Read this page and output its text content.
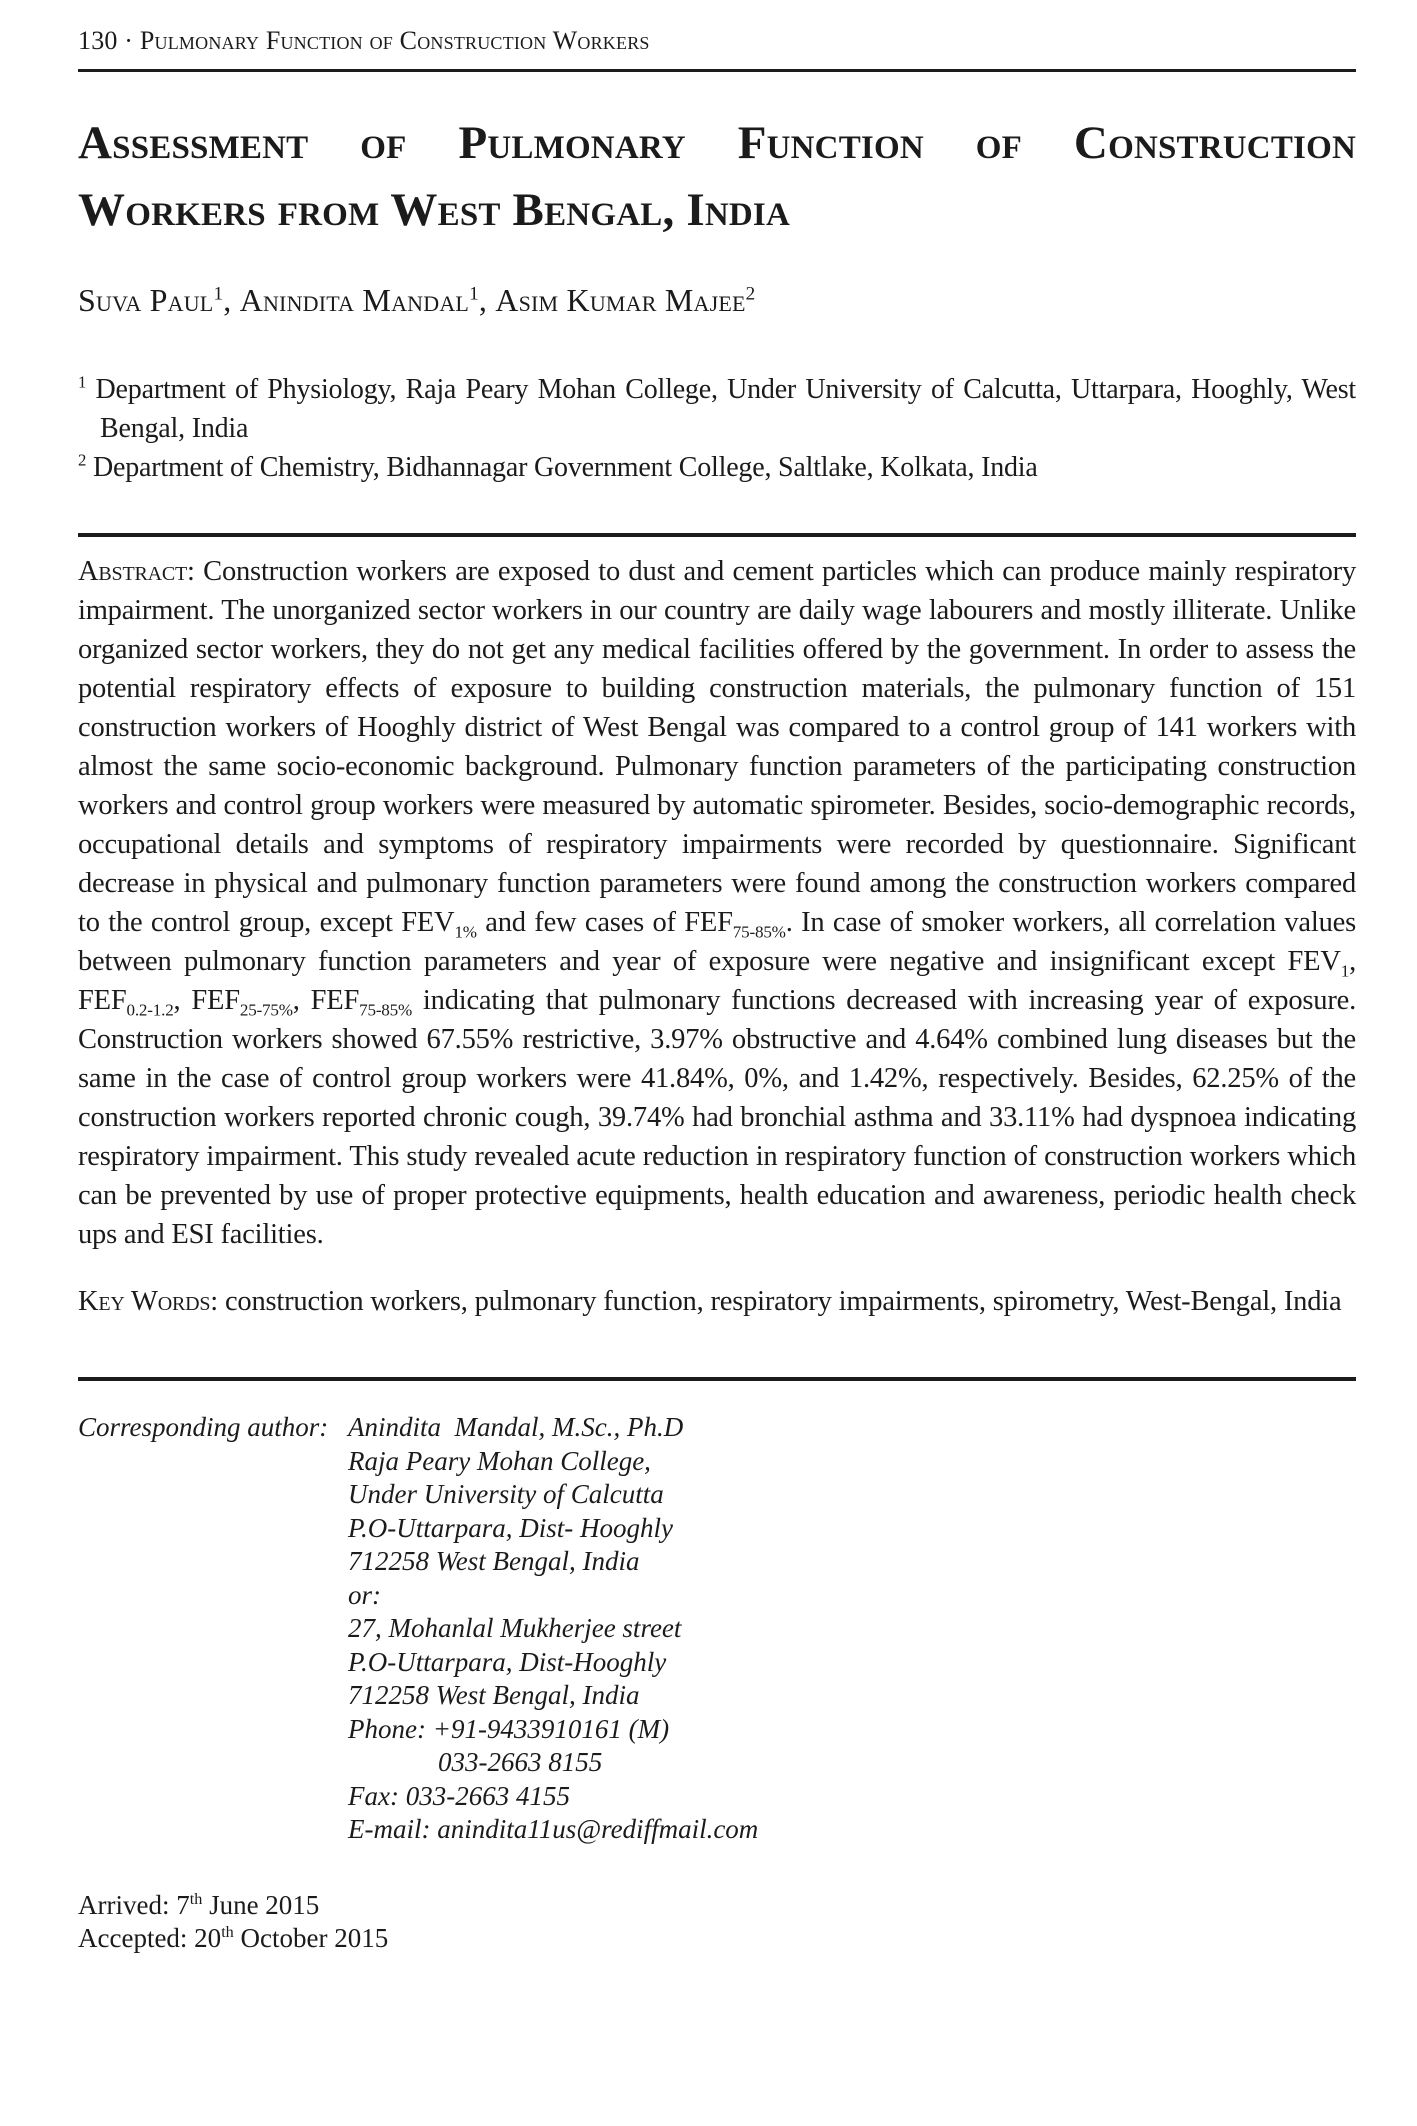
130 · Pulmonary Function of Construction Workers
Assessment of Pulmonary Function of Construction
Workers from West Bengal, India
Suva Paul$^1$, Anindita Mandal$^1$, Asim Kumar Majee$^2$
$^1$ Department of Physiology, Raja Peary Mohan College, Under University of Calcutta, Uttarpara, Hooghly, West Bengal, India
$^2$ Department of Chemistry, Bidhannagar Government College, Saltlake, Kolkata, India

Abstract: Construction workers are exposed to dust and cement particles which can produce mainly respiratory impairment. The unorganized sector workers in our country are daily wage labourers and mostly illiterate. Unlike organized sector workers, they do not get any medical facilities offered by the government. In order to assess the potential respiratory effects of exposure to building construction materials, the pulmonary function of 151 construction workers of Hooghly district of West Bengal was compared to a control group of 141 workers with almost the same socio-economic background. Pulmonary function parameters of the participating construction workers and control group workers were measured by automatic spirometer. Besides, socio-demographic records, occupational details and symptoms of respiratory impairments were recorded by questionnaire. Significant decrease in physical and pulmonary function parameters were found among the construction workers compared to the control group, except $FEV_{1\%}$ and few cases of $FEF_{75-85\%}$. In case of smoker workers, all correlation values between pulmonary function parameters and year of exposure were negative and insignificant except $FEV_1$, $FEF_{0.2-1.2}$, $FEF_{25-75\%}$, $FEF_{75-85\%}$ indicating that pulmonary functions decreased with increasing year of exposure. Construction workers showed 67.55% restrictive, 3.97% obstructive and 4.64% combined lung diseases but the same in the case of control group workers were 41.84%, 0%, and 1.42%, respectively. Besides, 62.25% of the construction workers reported chronic cough, 39.74% had bronchial asthma and 33.11% had dyspnoea indicating respiratory impairment. This study revealed acute reduction in respiratory function of construction workers which can be prevented by use of proper protective equipments, health education and awareness, periodic health check ups and ESI facilities.

Key Words: construction workers, pulmonary function, respiratory impairments, spirometry, West-Bengal, India

Corresponding author: Anindita  Mandal, M.Sc., Ph.D
Raja Peary Mohan College,
Under University of Calcutta
P.O-Uttarpara, Dist- Hooghly
712258 West Bengal, India
or:
27, Mohanlal Mukherjee street
P.O-Uttarpara, Dist-Hooghly
712258 West Bengal, India
Phone: +91-9433910161 (M)
033-2663 8155
Fax: 033-2663 4155
E-mail: anindita11us@rediffmail.com
Arrived: 7th June 2015
Accepted: 20th October 2015
